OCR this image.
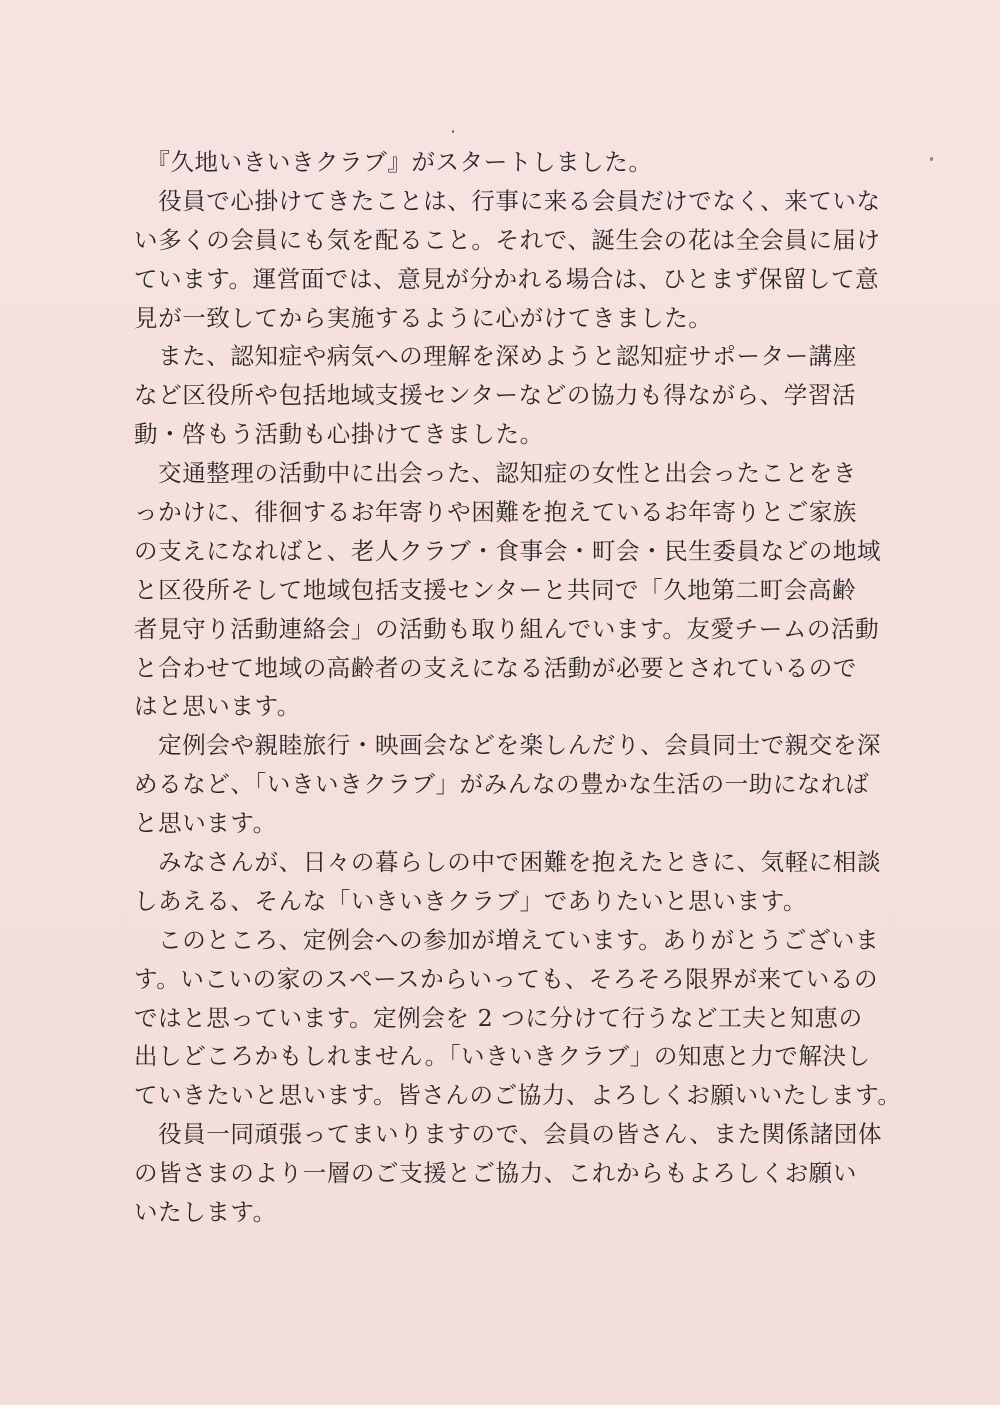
　『久地いきいきクラブ』がスタートしました。
　役員で心掛けてきたことは、行事に来る会員だけでなく、来ていな
い多くの会員にも気を配ること。それで、誕生会の花は全会員に届け
ています。運営面では、意見が分かれる場合は、ひとまず保留して意
見が一致してから実施するように心がけてきました。
　また、認知症や病気への理解を深めようと認知症サポーター講座
など区役所や包括地域支援センターなどの協力も得ながら、学習活
動・啓もう活動も心掛けてきました。
　交通整理の活動中に出会った、認知症の女性と出会ったことをき
っかけに、徘徊するお年寄りや困難を抱えているお年寄りとご家族
の支えになればと、老人クラブ・食事会・町会・民生委員などの地域
と区役所そして地域包括支援センターと共同で「久地第二町会高齢
者見守り活動連絡会」の活動も取り組んでいます。友愛チームの活動
と合わせて地域の高齢者の支えになる活動が必要とされているので
はと思います。
　定例会や親睦旅行・映画会などを楽しんだり、会員同士で親交を深
めるなど、「いきいきクラブ」がみんなの豊かな生活の一助になれば
と思います。
　みなさんが、日々の暮らしの中で困難を抱えたときに、気軽に相談
しあえる、そんな「いきいきクラブ」でありたいと思います。
　このところ、定例会への参加が増えています。ありがとうございま
す。いこいの家のスペースからいっても、そろそろ限界が来ているの
ではと思っています。定例会を 2 つに分けて行うなど工夫と知恵の
出しどころかもしれません。「いきいきクラブ」の知恵と力で解決し
ていきたいと思います。皆さんのご協力、よろしくお願いいたします。
　役員一同頑張ってまいりますので、会員の皆さん、また関係諸団体
の皆さまのより一層のご支援とご協力、これからもよろしくお願い
いたします。
